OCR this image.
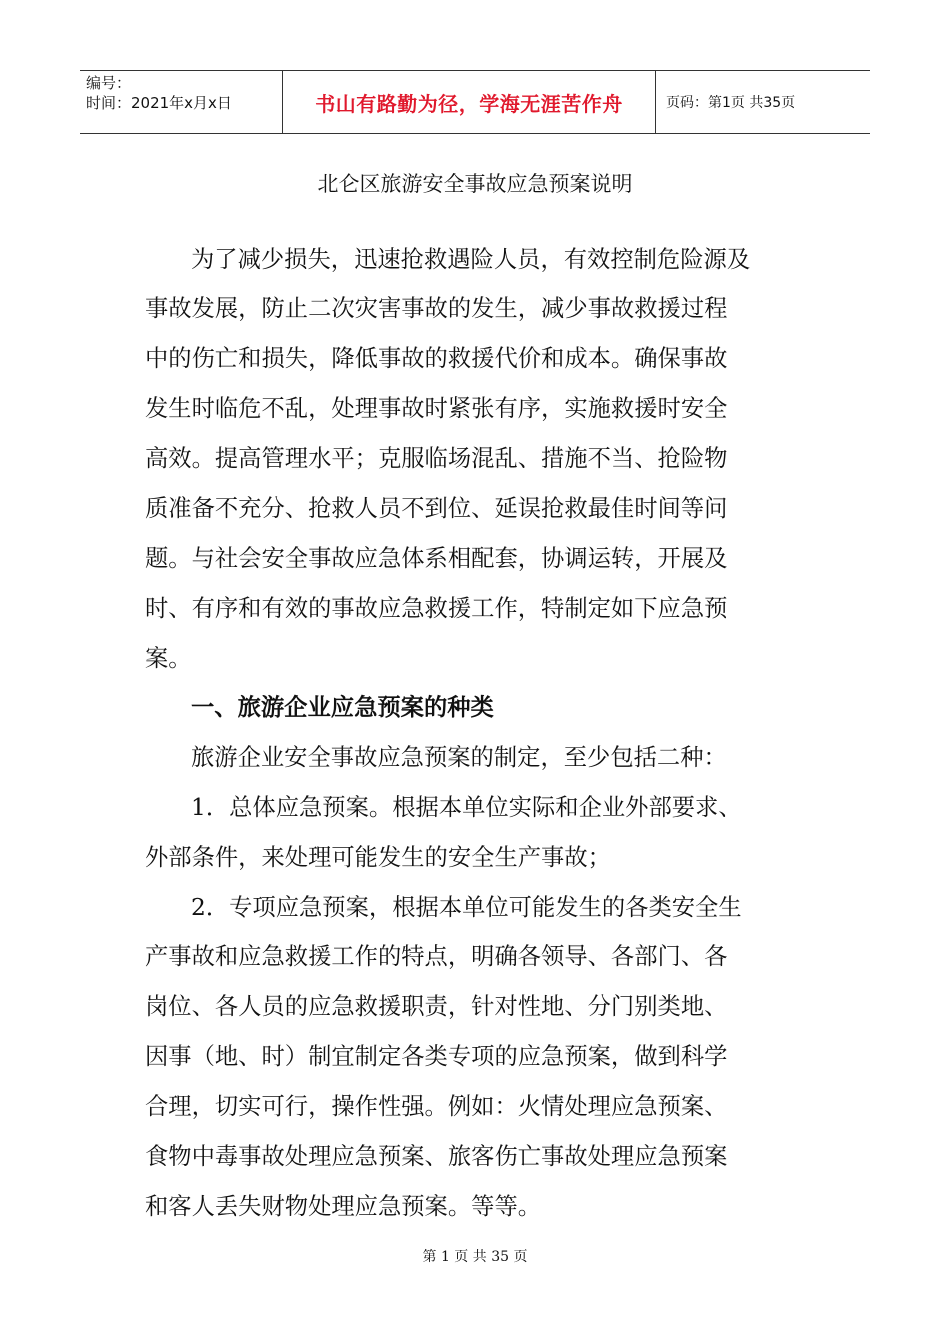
编号：
时间：2021年x月x日	书山有路勤为径，学海无涯苦作舟	页码：第1页 共35页
北仑区旅游安全事故应急预案说明
为了减少损失，迅速抢救遇险人员，有效控制危险源及
事故发展，防止二次灾害事故的发生，减少事故救援过程
中的伤亡和损失，降低事故的救援代价和成本。确保事故
发生时临危不乱，处理事故时紧张有序，实施救援时安全
高效。提高管理水平；克服临场混乱、措施不当、抢险物
质准备不充分、抢救人员不到位、延误抢救最佳时间等问
题。与社会安全事故应急体系相配套，协调运转，开展及
时、有序和有效的事故应急救援工作，特制定如下应急预
案。
一、旅游企业应急预案的种类
旅游企业安全事故应急预案的制定，至少包括二种：
1．总体应急预案。根据本单位实际和企业外部要求、
外部条件，来处理可能发生的安全生产事故；
2．专项应急预案，根据本单位可能发生的各类安全生
产事故和应急救援工作的特点，明确各领导、各部门、各
岗位、各人员的应急救援职责，针对性地、分门别类地、
因事（地、时）制宜制定各类专项的应急预案，做到科学
合理，切实可行，操作性强。例如：火情处理应急预案、
食物中毒事故处理应急预案、旅客伤亡事故处理应急预案
和客人丢失财物处理应急预案。等等。
第 1 页 共 35 页
